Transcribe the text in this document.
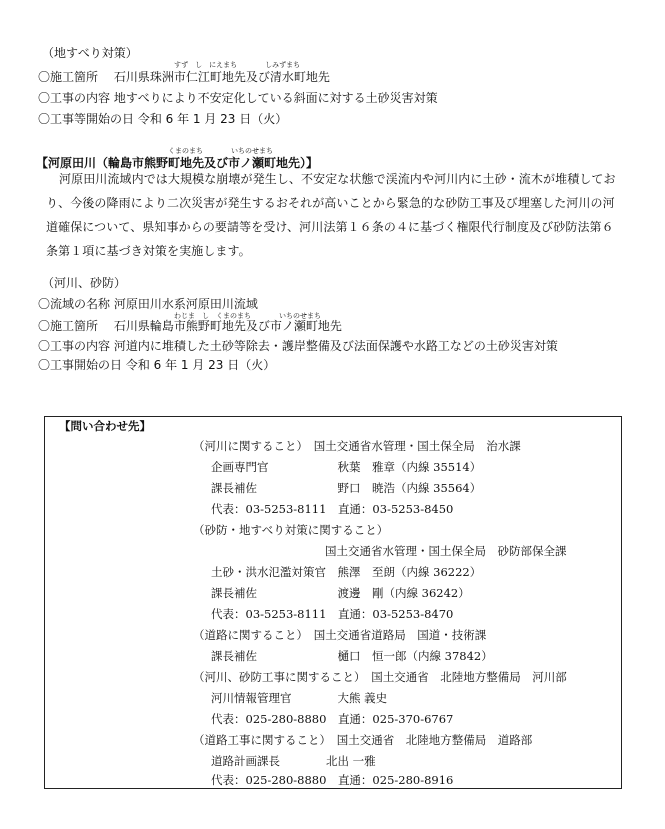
（地すべり対策）
すず　し　にえまち　　　　しみずまち
〇施工箇所　 石川県珠洲市仁江町地先及び清水町地先
〇工事の内容 地すべりにより不安定化している斜面に対する土砂災害対策
〇工事等開始の日 令和 6 年 1 月 23 日（火）
くまのまち　　　　いちのせまち
【河原田川（輪島市熊野町地先及び市ノ瀬町地先）】
河原田川流域内では大規模な崩壊が発生し、不安定な状態で渓流内や河川内に土砂・流木が堆積しており、今後の降雨により二次災害が発生するおそれが高いことから緊急的な砂防工事及び埋塞した河川の河道確保について、県知事からの要請等を受け、河川法第１６条の４に基づく権限代行制度及び砂防法第６条第１項に基づき対策を実施します。
（河川、砂防）
〇流域の名称 河原田川水系河原田川流域
わじま　し　くまのまち　　　　いちのせまち
〇施工箇所　 石川県輪島市熊野町地先及び市ノ瀬町地先
〇工事の内容 河道内に堆積した土砂等除去・護岸整備及び法面保護や水路工などの土砂災害対策
〇工事開始の日 令和 6 年 1 月 23 日（火）
【問い合わせ先】
（河川に関すること）　国土交通省水管理・国土保全局　治水課
企画専門官　　　　　　秋葉　雅章（内線 35514）
課長補佐　　　　　　　野口　暁浩（内線 35564）
代表：03-5253-8111　直通：03-5253-8450
（砂防・地すべり対策に関すること）
国土交通省水管理・国土保全局　砂防部保全課
土砂・洪水氾濫対策官　熊澤　至朗（内線 36222）
課長補佐　　　　　　　渡邊　剛（内線 36242）
代表：03-5253-8111　直通：03-5253-8470
（道路に関すること）　国土交通省道路局　国道・技術課
課長補佐　　　　　　　樋口　恒一郎（内線 37842）
（河川、砂防工事に関すること）　国土交通省　北陸地方整備局　河川部
河川情報管理官　　　　大熊 義史
代表：025-280-8880　直通：025-370-6767
（道路工事に関すること）　国土交通省　北陸地方整備局　道路部
道路計画課長　　　　北出 一雅
代表：025-280-8880　直通：025-280-8916
